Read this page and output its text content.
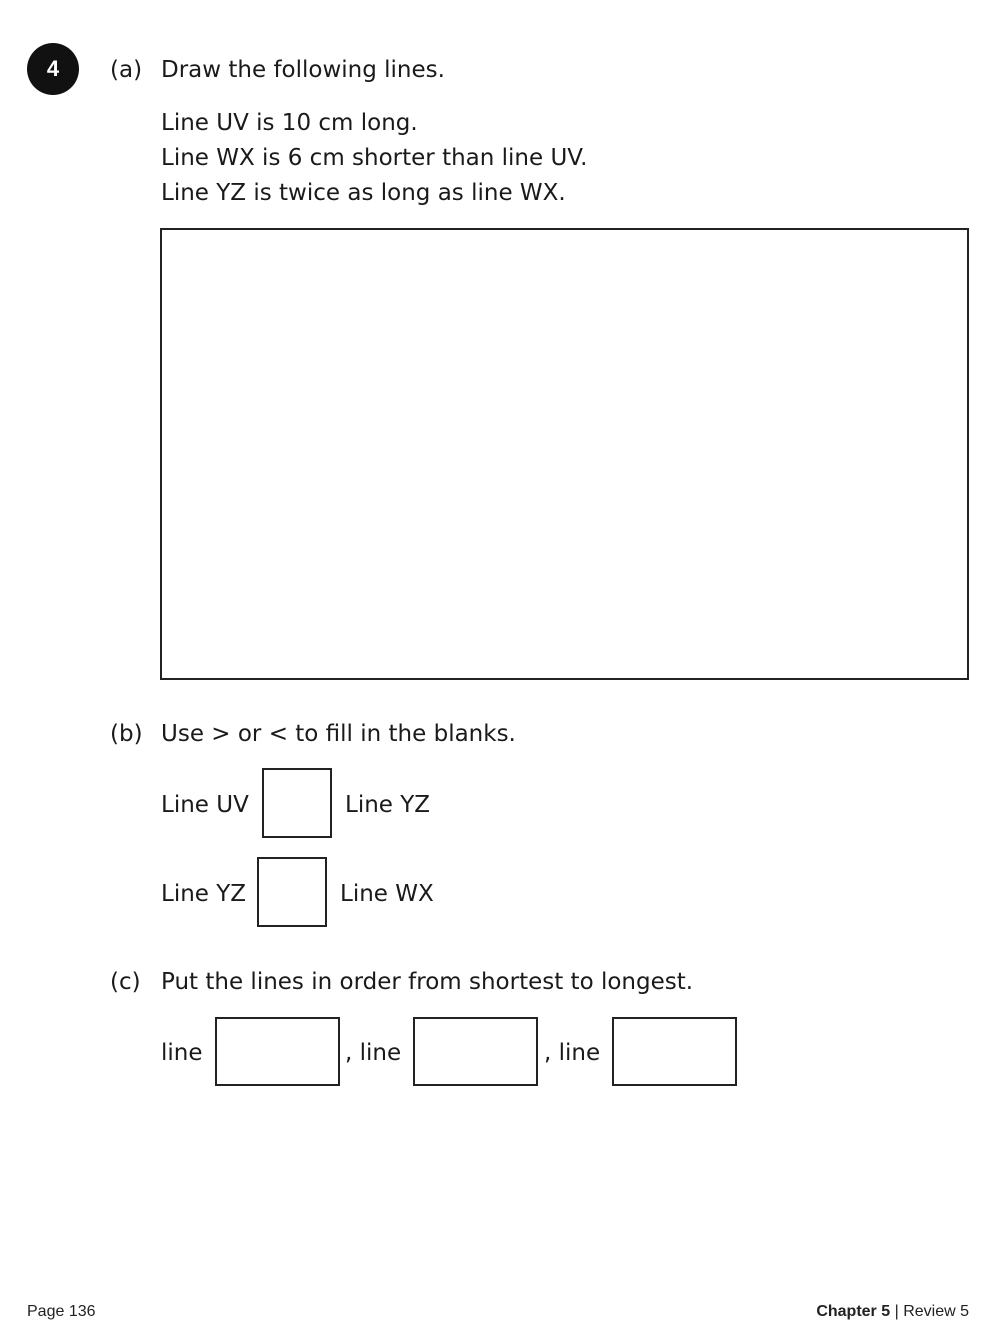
4	(a) Draw the following lines.
Line UV is 10 cm long.
Line WX is 6 cm shorter than line UV.
Line YZ is twice as long as line WX.
(b) Use > or < to fill in the blanks.
Line UV	Line YZ
Line YZ	Line WX
(c) Put the lines in order from shortest to longest.
line	, line	, line
Page 136	Chapter 5 | Review 5
